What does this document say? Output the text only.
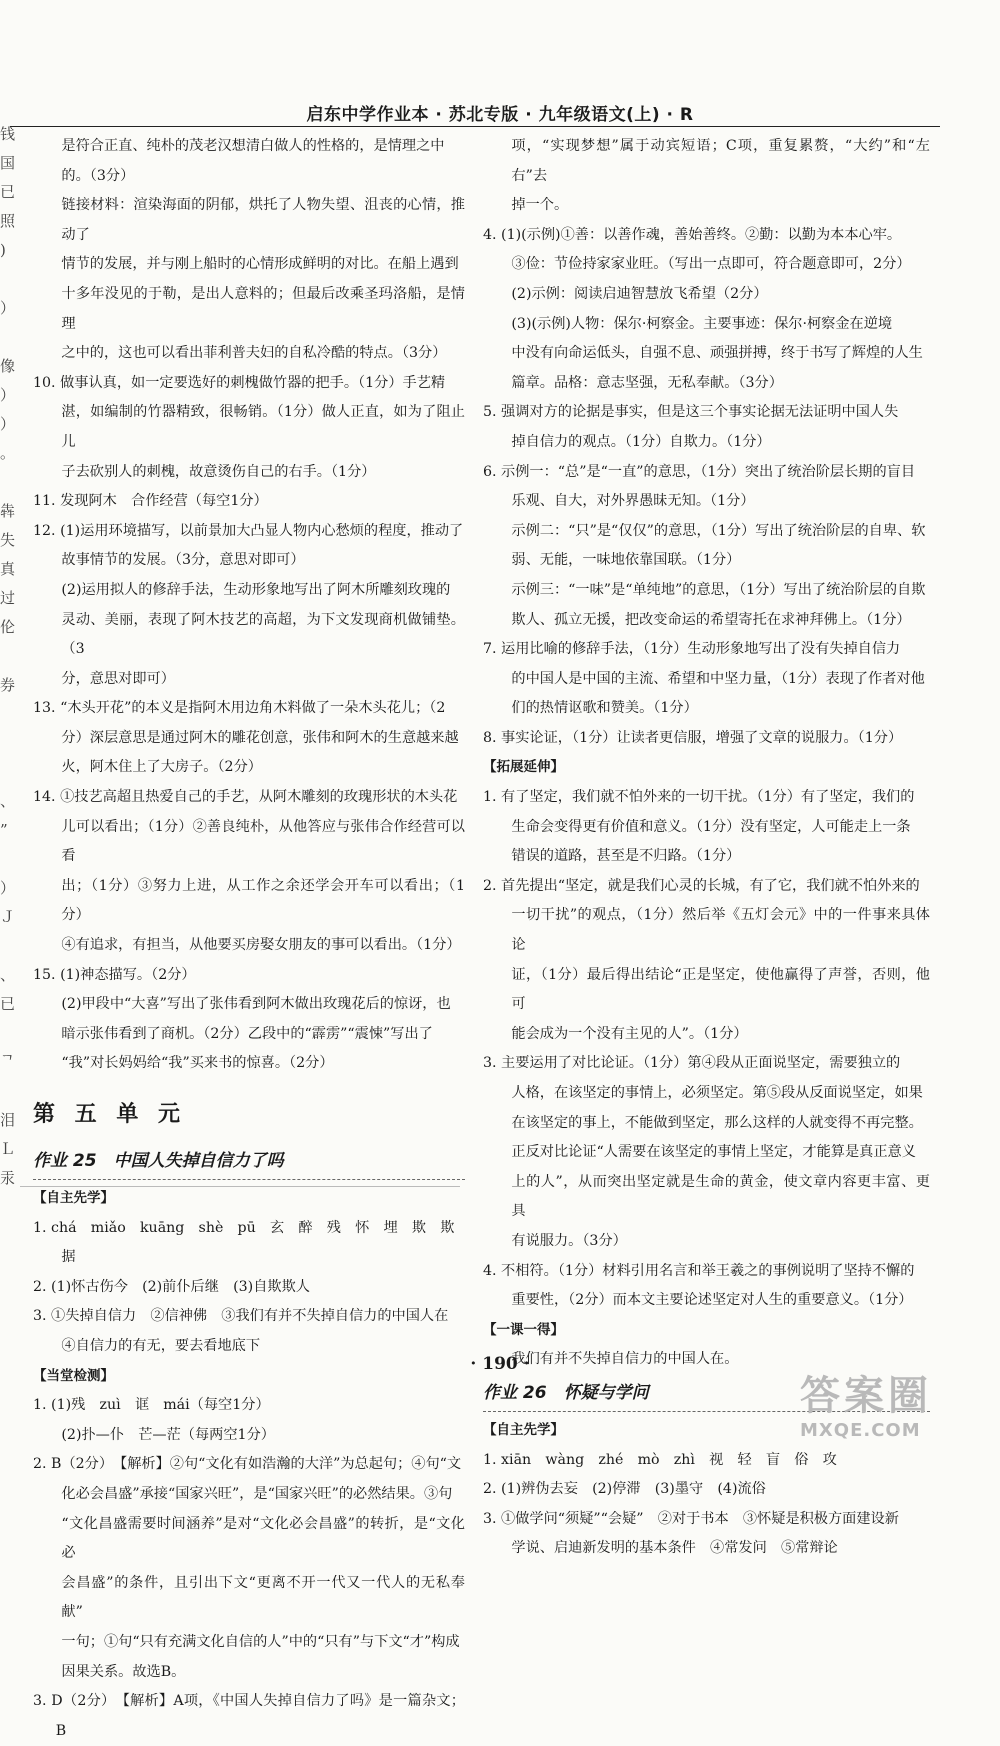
启东中学作业本 · 苏北专版 · 九年级语文(上) · R
钱
国
已
照
)

）

像
）
）
。

犇
失
真
过
伦

券

、
”

）
Ｊ

、
已

ᄀ

泪
Ｌ
汞

是符合正直、纯朴的茂老汉想清白做人的性格的，是情理之中

的。（3分）

链接材料：渲染海面的阴郁，烘托了人物失望、沮丧的心情，推动了

情节的发展，并与刚上船时的心情形成鲜明的对比。在船上遇到

十多年没见的于勒，是出人意料的；但最后改乘圣玛洛船，是情理

之中的，这也可以看出菲利普夫妇的自私冷酷的特点。（3分）

10. 做事认真，如一定要选好的刺槐做竹器的把手。（1分）手艺精

湛，如编制的竹器精致，很畅销。（1分）做人正直，如为了阻止儿

子去砍别人的刺槐，故意烫伤自己的右手。（1分）

11. 发现阿木　合作经营（每空1分）

12. (1)运用环境描写，以前景加大凸显人物内心愁烦的程度，推动了

故事情节的发展。（3分，意思对即可）

(2)运用拟人的修辞手法，生动形象地写出了阿木所雕刻玫瑰的

灵动、美丽，表现了阿木技艺的高超，为下文发现商机做铺垫。（3

分，意思对即可）

13. “木头开花”的本义是指阿木用边角木料做了一朵木头花儿；（2

分）深层意思是通过阿木的雕花创意，张伟和阿木的生意越来越

火，阿木住上了大房子。（2分）

14. ①技艺高超且热爱自己的手艺，从阿木雕刻的玫瑰形状的木头花

儿可以看出；（1分）②善良纯朴，从他答应与张伟合作经营可以看

出；（1分）③努力上进，从工作之余还学会开车可以看出；（1分）

④有追求，有担当，从他要买房娶女朋友的事可以看出。（1分）

15. (1)神态描写。（2分）

(2)甲段中“大喜”写出了张伟看到阿木做出玫瑰花后的惊讶，也

暗示张伟看到了商机。（2分）乙段中的“霹雳”“震悚”写出了

“我”对长妈妈给“我”买来书的惊喜。（2分）

第 五 单 元

作业 25　中国人失掉自信力了吗

【自主先学】

1. chá　miǎo　kuāng　shè　pū　玄　醉　残　怀　埋　欺　欺

据

2. (1)怀古伤今　(2)前仆后继　(3)自欺欺人

3. ①失掉自信力　②信神佛　③我们有并不失掉自信力的中国人在

④自信力的有无，要去看地底下

【当堂检测】

1. (1)残　zuì　诓　mái（每空1分）

(2)扑—仆　芒—茫（每两空1分）

2. B（2分）　【解析】②句“文化有如浩瀚的大洋”为总起句；④句“文

化必会昌盛”承接“国家兴旺”，是“国家兴旺”的必然结果。③句

“文化昌盛需要时间涵养”是对“文化必会昌盛”的转折，是“文化必

会昌盛”的条件，且引出下文“更离不开一代又一代人的无私奉献”

一句；①句“只有充满文化自信的人”中的“只有”与下文“才”构成

因果关系。故选B。

3. D（2分）　【解析】A项，《中国人失掉自信力了吗》是一篇杂文；B

项，“实现梦想”属于动宾短语；C项，重复累赘，“大约”和“左右”去

掉一个。

4. (1)(示例)①善：以善作魂，善始善终。②勤：以勤为本本心牢。

③俭：节俭持家家业旺。（写出一点即可，符合题意即可，2分）

(2)示例：阅读启迪智慧放飞希望（2分）

(3)(示例)人物：保尔·柯察金。主要事迹：保尔·柯察金在逆境

中没有向命运低头，自强不息、顽强拼搏，终于书写了辉煌的人生

篇章。品格：意志坚强，无私奉献。（3分）

5. 强调对方的论据是事实，但是这三个事实论据无法证明中国人失

掉自信力的观点。（1分）自欺力。（1分）

6. 示例一：“总”是“一直”的意思，（1分）突出了统治阶层长期的盲目

乐观、自大，对外界愚昧无知。（1分）

示例二：“只”是“仅仅”的意思，（1分）写出了统治阶层的自卑、软

弱、无能，一味地依靠国联。（1分）

示例三：“一味”是“单纯地”的意思，（1分）写出了统治阶层的自欺

欺人、孤立无援，把改变命运的希望寄托在求神拜佛上。（1分）

7. 运用比喻的修辞手法，（1分）生动形象地写出了没有失掉自信力

的中国人是中国的主流、希望和中坚力量，（1分）表现了作者对他

们的热情讴歌和赞美。（1分）

8. 事实论证，（1分）让读者更信服，增强了文章的说服力。（1分）

【拓展延伸】

1. 有了坚定，我们就不怕外来的一切干扰。（1分）有了坚定，我们的

生命会变得更有价值和意义。（1分）没有坚定，人可能走上一条

错误的道路，甚至是不归路。（1分）

2. 首先提出“坚定，就是我们心灵的长城，有了它，我们就不怕外来的

一切干扰”的观点，（1分）然后举《五灯会元》中的一件事来具体论

证，（1分）最后得出结论“正是坚定，使他赢得了声誉，否则，他可

能会成为一个没有主见的人”。（1分）

3. 主要运用了对比论证。（1分）第④段从正面说坚定，需要独立的

人格，在该坚定的事情上，必须坚定。第⑤段从反面说坚定，如果

在该坚定的事上，不能做到坚定，那么这样的人就变得不再完整。

正反对比论证“人需要在该坚定的事情上坚定，才能算是真正意义

上的人”，从而突出坚定就是生命的黄金，使文章内容更丰富、更具

有说服力。（3分）

4. 不相符。（1分）材料引用名言和举王羲之的事例说明了坚持不懈的

重要性，（2分）而本文主要论述坚定对人生的重要意义。（1分）

【一课一得】

我们有并不失掉自信力的中国人在。

作业 26　怀疑与学问

【自主先学】

1. xiān　wàng　zhé　mò　zhì　视　轻　盲　俗　攻

2. (1)辨伪去妄　(2)停滞　(3)墨守　(4)流俗

3. ①做学问“须疑”“会疑”　②对于书本　③怀疑是积极方面建设新

学说、启迪新发明的基本条件　④常发问　⑤常辩论

· 190 ·
答案圈
MXQE.COM
